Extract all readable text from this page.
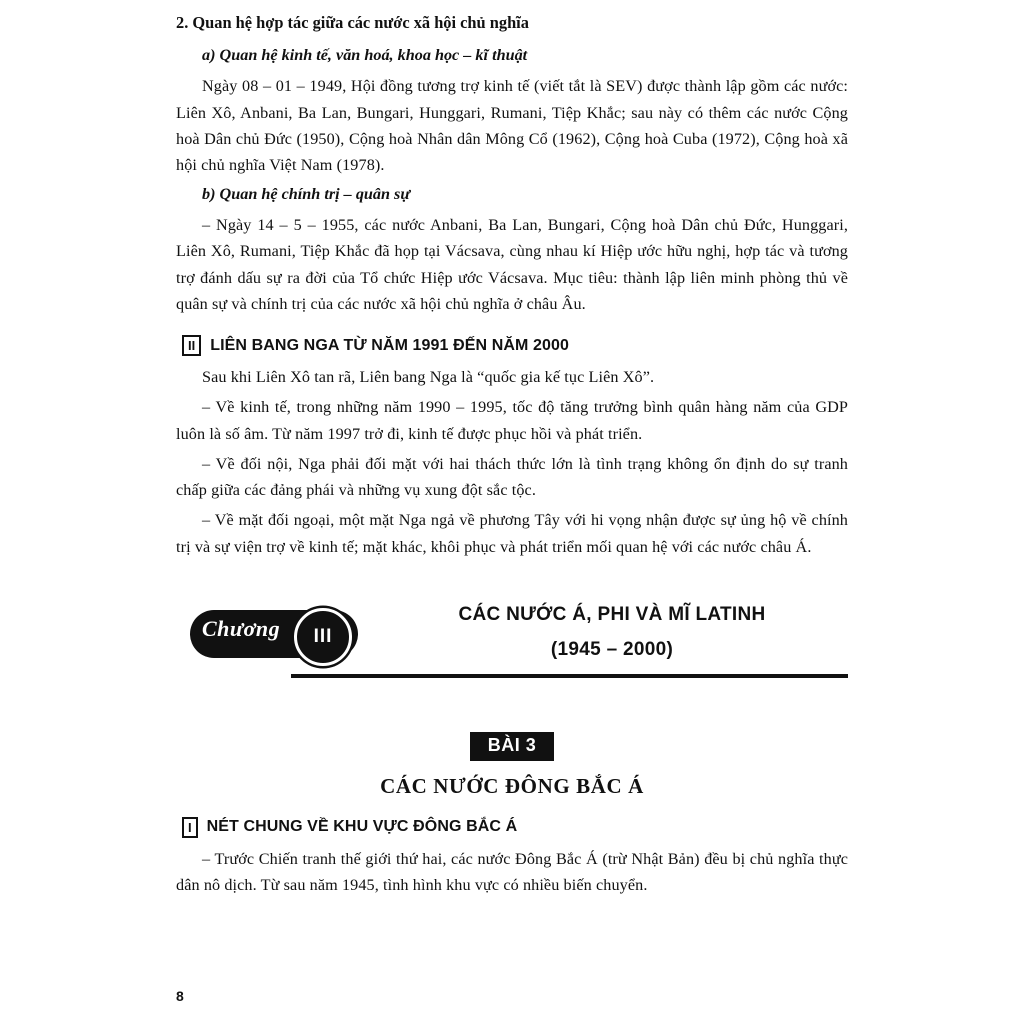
2. Quan hệ hợp tác giữa các nước xã hội chủ nghĩa

a) Quan hệ kinh tế, văn hoá, khoa học – kĩ thuật

Ngày 08 – 01 – 1949, Hội đồng tương trợ kinh tế (viết tắt là SEV) được thành lập gồm các nước: Liên Xô, Anbani, Ba Lan, Bungari, Hunggari, Rumani, Tiệp Khắc; sau này có thêm các nước Cộng hoà Dân chủ Đức (1950), Cộng hoà Nhân dân Mông Cổ (1962), Cộng hoà Cuba (1972), Cộng hoà xã hội chủ nghĩa Việt Nam (1978).

b) Quan hệ chính trị – quân sự

– Ngày 14 – 5 – 1955, các nước Anbani, Ba Lan, Bungari, Cộng hoà Dân chủ Đức, Hunggari, Liên Xô, Rumani, Tiệp Khắc đã họp tại Vácsava, cùng nhau kí Hiệp ước hữu nghị, hợp tác và tương trợ đánh dấu sự ra đời của Tổ chức Hiệp ước Vácsava. Mục tiêu: thành lập liên minh phòng thủ về quân sự và chính trị của các nước xã hội chủ nghĩa ở châu Âu.

II LIÊN BANG NGA TỪ NĂM 1991 ĐẾN NĂM 2000

Sau khi Liên Xô tan rã, Liên bang Nga là “quốc gia kế tục Liên Xô”.

– Về kinh tế, trong những năm 1990 – 1995, tốc độ tăng trưởng bình quân hàng năm của GDP luôn là số âm. Từ năm 1997 trở đi, kinh tế được phục hồi và phát triển.

– Về đối nội, Nga phải đối mặt với hai thách thức lớn là tình trạng không ổn định do sự tranh chấp giữa các đảng phái và những vụ xung đột sắc tộc.

– Về mặt đối ngoại, một mặt Nga ngả về phương Tây với hi vọng nhận được sự ủng hộ về chính trị và sự viện trợ về kinh tế; mặt khác, khôi phục và phát triển mối quan hệ với các nước châu Á.

Chương III
CÁC NƯỚC Á, PHI VÀ MĨ LATINH
(1945 – 2000)
BÀI 3
CÁC NƯỚC ĐÔNG BẮC Á
I NÉT CHUNG VỀ KHU VỰC ĐÔNG BẮC Á

– Trước Chiến tranh thế giới thứ hai, các nước Đông Bắc Á (trừ Nhật Bản) đều bị chủ nghĩa thực dân nô dịch. Từ sau năm 1945, tình hình khu vực có nhiều biến chuyển.

8
